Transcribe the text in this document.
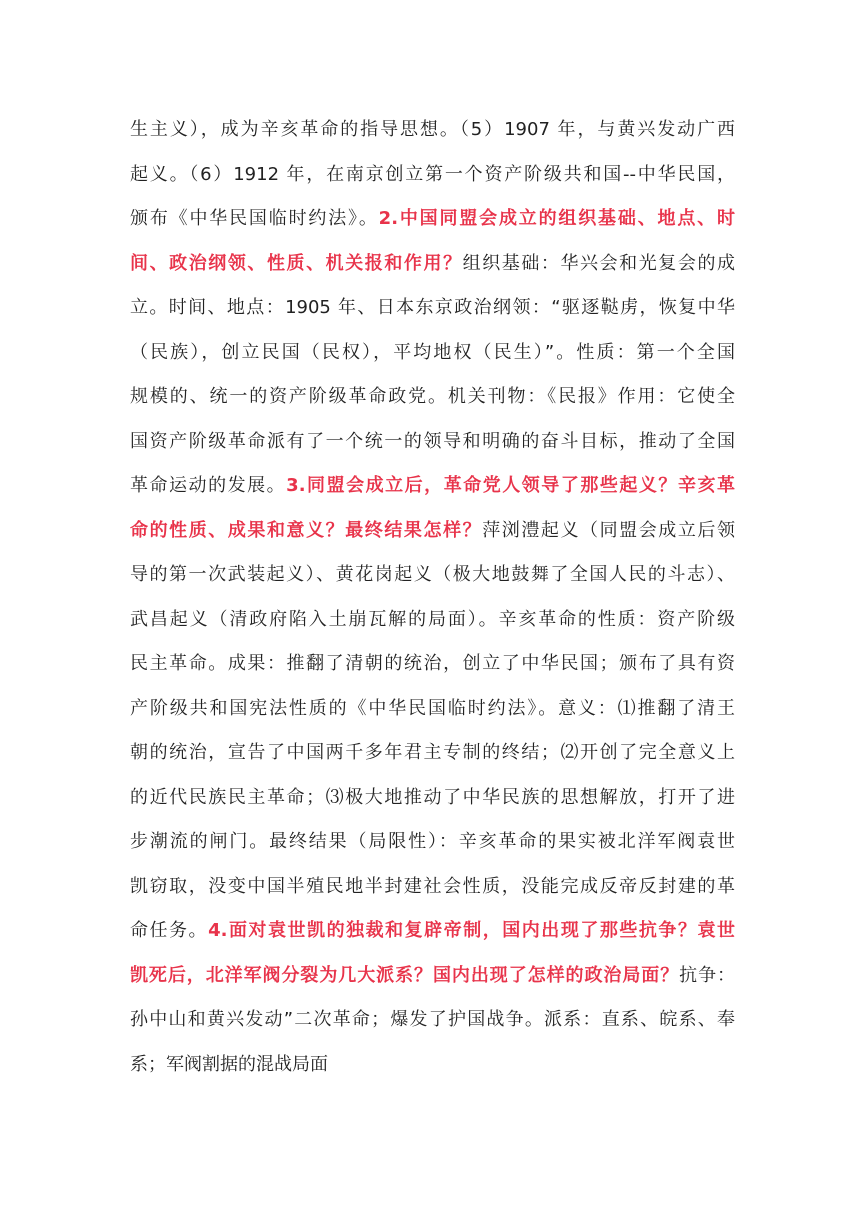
生主义），成为辛亥革命的指导思想。（5）1907 年，与黄兴发动广西
起义。（6）1912 年，在南京创立第一个资产阶级共和国--中华民国，
颁布《中华民国临时约法》。2.中国同盟会成立的组织基础、地点、时
间、政治纲领、性质、机关报和作用？组织基础：华兴会和光复会的成
立。时间、地点：1905 年、日本东京政治纲领：“驱逐鞑虏，恢复中华
（民族），创立民国（民权），平均地权（民生）”。性质：第一个全国
规模的、统一的资产阶级革命政党。机关刊物：《民报》作用：它使全
国资产阶级革命派有了一个统一的领导和明确的奋斗目标，推动了全国
革命运动的发展。3.同盟会成立后，革命党人领导了那些起义？辛亥革
命的性质、成果和意义？最终结果怎样？萍浏澧起义（同盟会成立后领
导的第一次武装起义）、黄花岗起义（极大地鼓舞了全国人民的斗志）、
武昌起义（清政府陷入土崩瓦解的局面）。辛亥革命的性质：资产阶级
民主革命。成果：推翻了清朝的统治，创立了中华民国；颁布了具有资
产阶级共和国宪法性质的《中华民国临时约法》。意义：⑴推翻了清王
朝的统治，宣告了中国两千多年君主专制的终结；⑵开创了完全意义上
的近代民族民主革命；⑶极大地推动了中华民族的思想解放，打开了进
步潮流的闸门。最终结果（局限性）：辛亥革命的果实被北洋军阀袁世
凯窃取，没变中国半殖民地半封建社会性质，没能完成反帝反封建的革
命任务。4.面对袁世凯的独裁和复辟帝制，国内出现了那些抗争？袁世
凯死后，北洋军阀分裂为几大派系？国内出现了怎样的政治局面？抗争：
孙中山和黄兴发动”二次革命；爆发了护国战争。派系：直系、皖系、奉
系；军阀割据的混战局面
